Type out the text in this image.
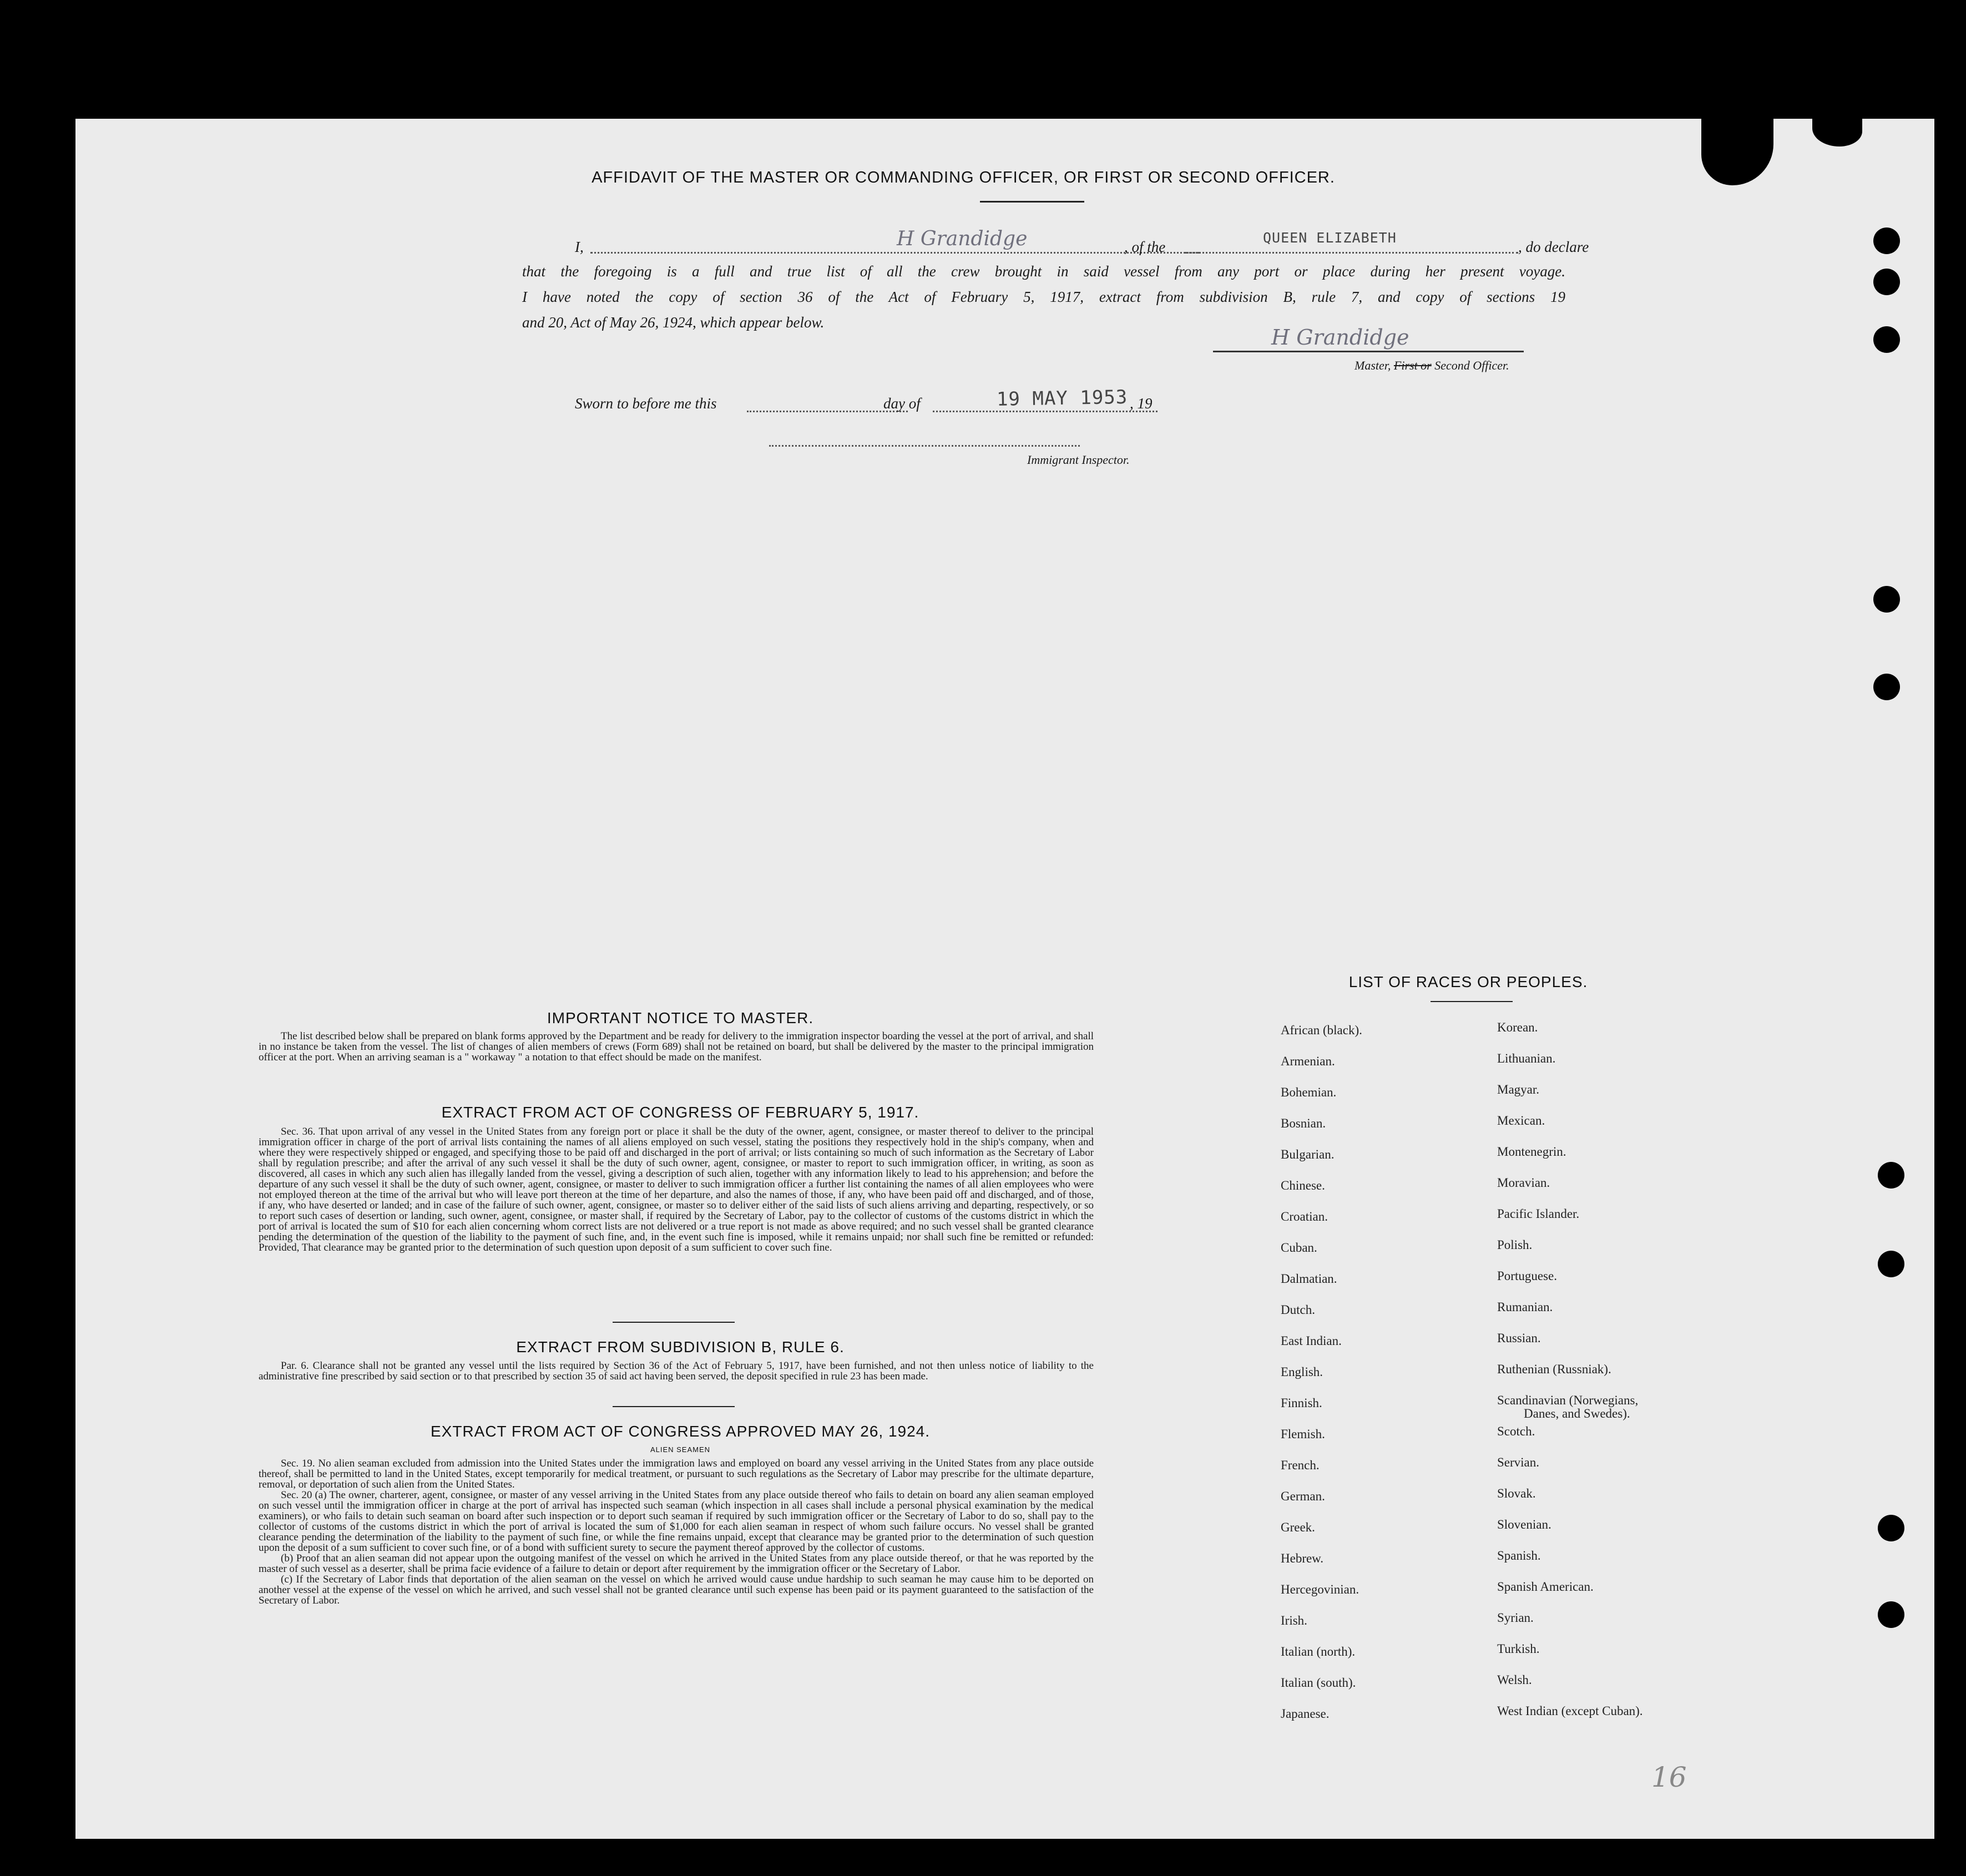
AFFIDAVIT OF THE MASTER OR COMMANDING OFFICER, OR FIRST OR SECOND OFFICER.
I,	H Grandidge	, of the
QUEEN ELIZABETH
, do declare
that the foregoing is a full and true list of all the crew brought in said vessel from any port or place during her present voyage.
I have noted the copy of section 36 of the Act of February 5, 1917, extract from subdivision B, rule 7, and copy of sections 19
and 20, Act of May 26, 1924, which appear below.
H Grandidge
Master, First or Second Officer.
Sworn to before me this	day of	19 MAY 1953 , 19
Immigrant Inspector.
IMPORTANT NOTICE TO MASTER.
The list described below shall be prepared on blank forms approved by the Department and be ready for delivery to the immigration inspector boarding the vessel at the port of arrival, and shall in no instance be taken from the vessel. The list of changes of alien members of crews (Form 689) shall not be retained on board, but shall be delivered by the master to the principal immigration officer at the port. When an arriving seaman is a " workaway " a notation to that effect should be made on the manifest.
EXTRACT FROM ACT OF CONGRESS OF FEBRUARY 5, 1917.
Sec. 36. That upon arrival of any vessel in the United States from any foreign port or place it shall be the duty of the owner, agent, consignee, or master thereof to deliver to the principal immigration officer in charge of the port of arrival lists containing the names of all aliens employed on such vessel, stating the positions they respectively hold in the ship's company, when and where they were respectively shipped or engaged, and specifying those to be paid off and discharged in the port of arrival; or lists containing so much of such information as the Secretary of Labor shall by regulation prescribe; and after the arrival of any such vessel it shall be the duty of such owner, agent, consignee, or master to report to such immigration officer, in writing, as soon as discovered, all cases in which any such alien has illegally landed from the vessel, giving a description of such alien, together with any information likely to lead to his apprehension; and before the departure of any such vessel it shall be the duty of such owner, agent, consignee, or master to deliver to such immigration officer a further list containing the names of all alien employees who were not employed thereon at the time of the arrival but who will leave port thereon at the time of her departure, and also the names of those, if any, who have been paid off and discharged, and of those, if any, who have deserted or landed; and in case of the failure of such owner, agent, consignee, or master so to deliver either of the said lists of such aliens arriving and departing, respectively, or so to report such cases of desertion or landing, such owner, agent, consignee, or master shall, if required by the Secretary of Labor, pay to the collector of customs of the customs district in which the port of arrival is located the sum of $10 for each alien concerning whom correct lists are not delivered or a true report is not made as above required; and no such vessel shall be granted clearance pending the determination of the question of the liability to the payment of such fine, and, in the event such fine is imposed, while it remains unpaid; nor shall such fine be remitted or refunded: Provided, That clearance may be granted prior to the determination of such question upon deposit of a sum sufficient to cover such fine.
EXTRACT FROM SUBDIVISION B, RULE 6.
Par. 6. Clearance shall not be granted any vessel until the lists required by Section 36 of the Act of February 5, 1917, have been furnished, and not then unless notice of liability to the administrative fine prescribed by said section or to that prescribed by section 35 of said act having been served, the deposit specified in rule 23 has been made.
EXTRACT FROM ACT OF CONGRESS APPROVED MAY 26, 1924.
ALIEN SEAMEN
Sec. 19. No alien seaman excluded from admission into the United States under the immigration laws and employed on board any vessel arriving in the United States from any place outside thereof, shall be permitted to land in the United States, except temporarily for medical treatment, or pursuant to such regulations as the Secretary of Labor may prescribe for the ultimate departure, removal, or deportation of such alien from the United States.
Sec. 20 (a) The owner, charterer, agent, consignee, or master of any vessel arriving in the United States from any place outside thereof who fails to detain on board any alien seaman employed on such vessel until the immigration officer in charge at the port of arrival has inspected such seaman (which inspection in all cases shall include a personal physical examination by the medical examiners), or who fails to detain such seaman on board after such inspection or to deport such seaman if required by such immigration officer or the Secretary of Labor to do so, shall pay to the collector of customs of the customs district in which the port of arrival is located the sum of $1,000 for each alien seaman in respect of whom such failure occurs. No vessel shall be granted clearance pending the determination of the liability to the payment of such fine, or while the fine remains unpaid, except that clearance may be granted prior to the determination of such question upon the deposit of a sum sufficient to cover such fine, or of a bond with sufficient surety to secure the payment thereof approved by the collector of customs.
(b) Proof that an alien seaman did not appear upon the outgoing manifest of the vessel on which he arrived in the United States from any place outside thereof, or that he was reported by the master of such vessel as a deserter, shall be prima facie evidence of a failure to detain or deport after requirement by the immigration officer or the Secretary of Labor.
(c) If the Secretary of Labor finds that deportation of the alien seaman on the vessel on which he arrived would cause undue hardship to such seaman he may cause him to be deported on another vessel at the expense of the vessel on which he arrived, and such vessel shall not be granted clearance until such expense has been paid or its payment guaranteed to the satisfaction of the Secretary of Labor.
LIST OF RACES OR PEOPLES.
African (black).
Armenian.
Bohemian.
Bosnian.
Bulgarian.
Chinese.
Croatian.
Cuban.
Dalmatian.
Dutch.
East Indian.
English.
Finnish.
Flemish.
French.
German.
Greek.
Hebrew.
Hercegovinian.
Irish.
Italian (north).
Italian (south).
Japanese.
Korean.
Lithuanian.
Magyar.
Mexican.
Montenegrin.
Moravian.
Pacific Islander.
Polish.
Portuguese.
Rumanian.
Russian.
Ruthenian (Russniak).
Scandinavian (Norwegians,
Danes, and Swedes).
Scotch.
Servian.
Slovak.
Slovenian.
Spanish.
Spanish American.
Syrian.
Turkish.
Welsh.
West Indian (except Cuban).
16
